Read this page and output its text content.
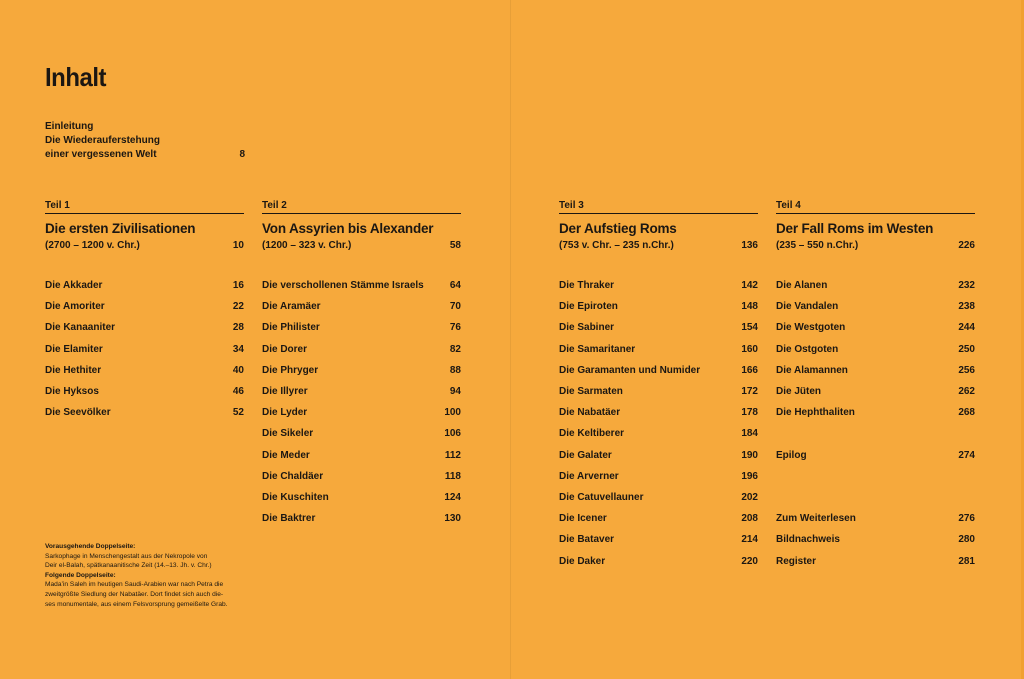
Inhalt
Einleitung
Die Wiederauferstehung
einer vergessenen Welt	8
Teil 1
Die ersten Zivilisationen
(2700 – 1200 v. Chr.)	10
Die Akkader	16
Die Amoriter	22
Die Kanaaniter	28
Die Elamiter	34
Die Hethiter	40
Die Hyksos	46
Die Seevölker	52
Teil 2
Von Assyrien bis Alexander
(1200 – 323 v. Chr.)	58
Die verschollenen Stämme Israels	64
Die Aramäer	70
Die Philister	76
Die Dorer	82
Die Phryger	88
Die Illyrer	94
Die Lyder	100
Die Sikeler	106
Die Meder	112
Die Chaldäer	118
Die Kuschiten	124
Die Baktrer	130
Teil 3
Der Aufstieg Roms
(753 v. Chr. – 235 n.Chr.)	136
Die Thraker	142
Die Epiroten	148
Die Sabiner	154
Die Samaritaner	160
Die Garamanten und Numider	166
Die Sarmaten	172
Die Nabatäer	178
Die Keltiberer	184
Die Galater	190
Die Arverner	196
Die Catuvellauner	202
Die Icener	208
Die Bataver	214
Die Daker	220
Teil 4
Der Fall Roms im Westen
(235 – 550 n.Chr.)	226
Die Alanen	232
Die Vandalen	238
Die Westgoten	244
Die Ostgoten	250
Die Alamannen	256
Die Jüten	262
Die Hephthaliten	268
Epilog	274
Zum Weiterlesen	276
Bildnachweis	280
Register	281
Vorausgehende Doppelseite:
Sarkophage in Menschengestalt aus der Nekropole von
Deir el-Balah, spätkanaanitische Zeit (14.–13. Jh. v. Chr.)
Folgende Doppelseite:
Mada’in Saleh im heutigen Saudi-Arabien war nach Petra die
zweitgrößte Siedlung der Nabatäer. Dort findet sich auch die-
ses monumentale, aus einem Felsvorsprung gemeißelte Grab.
